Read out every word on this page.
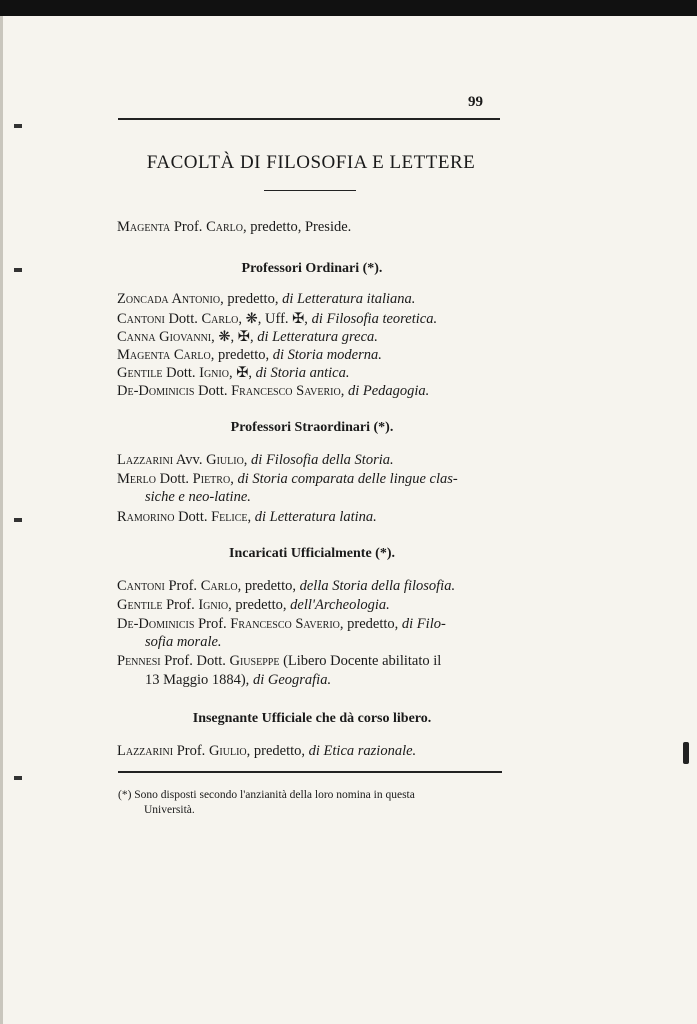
99
FACOLTÀ DI FILOSOFIA E LETTERE
Magenta Prof. Carlo, predetto, Preside.
Professori Ordinari (*).
Zoncada Antonio, predetto, di Letteratura italiana.
Cantoni Dott. Carlo, ❋, Uff. ✠, di Filosofia teoretica.
Canna Giovanni, ❋, ✠, di Letteratura greca.
Magenta Carlo, predetto, di Storia moderna.
Gentile Dott. Ignio, ✠, di Storia antica.
De-Dominicis Dott. Francesco Saverio, di Pedagogia.
Professori Straordinari (*).
Lazzarini Avv. Giulio, di Filosofia della Storia.
Merlo Dott. Pietro, di Storia comparata delle lingue clas-
siche e neo-latine.
Ramorino Dott. Felice, di Letteratura latina.
Incaricati Ufficialmente (*).
Cantoni Prof. Carlo, predetto, della Storia della filosofia.
Gentile Prof. Ignio, predetto, dell'Archeologia.
De-Dominicis Prof. Francesco Saverio, predetto, di Filo-
sofia morale.
Pennesi Prof. Dott. Giuseppe (Libero Docente abilitato il
13 Maggio 1884), di Geografia.
Insegnante Ufficiale che dà corso libero.
Lazzarini Prof. Giulio, predetto, di Etica razionale.
(*) Sono disposti secondo l'anzianità della loro nomina in questa
Università.
